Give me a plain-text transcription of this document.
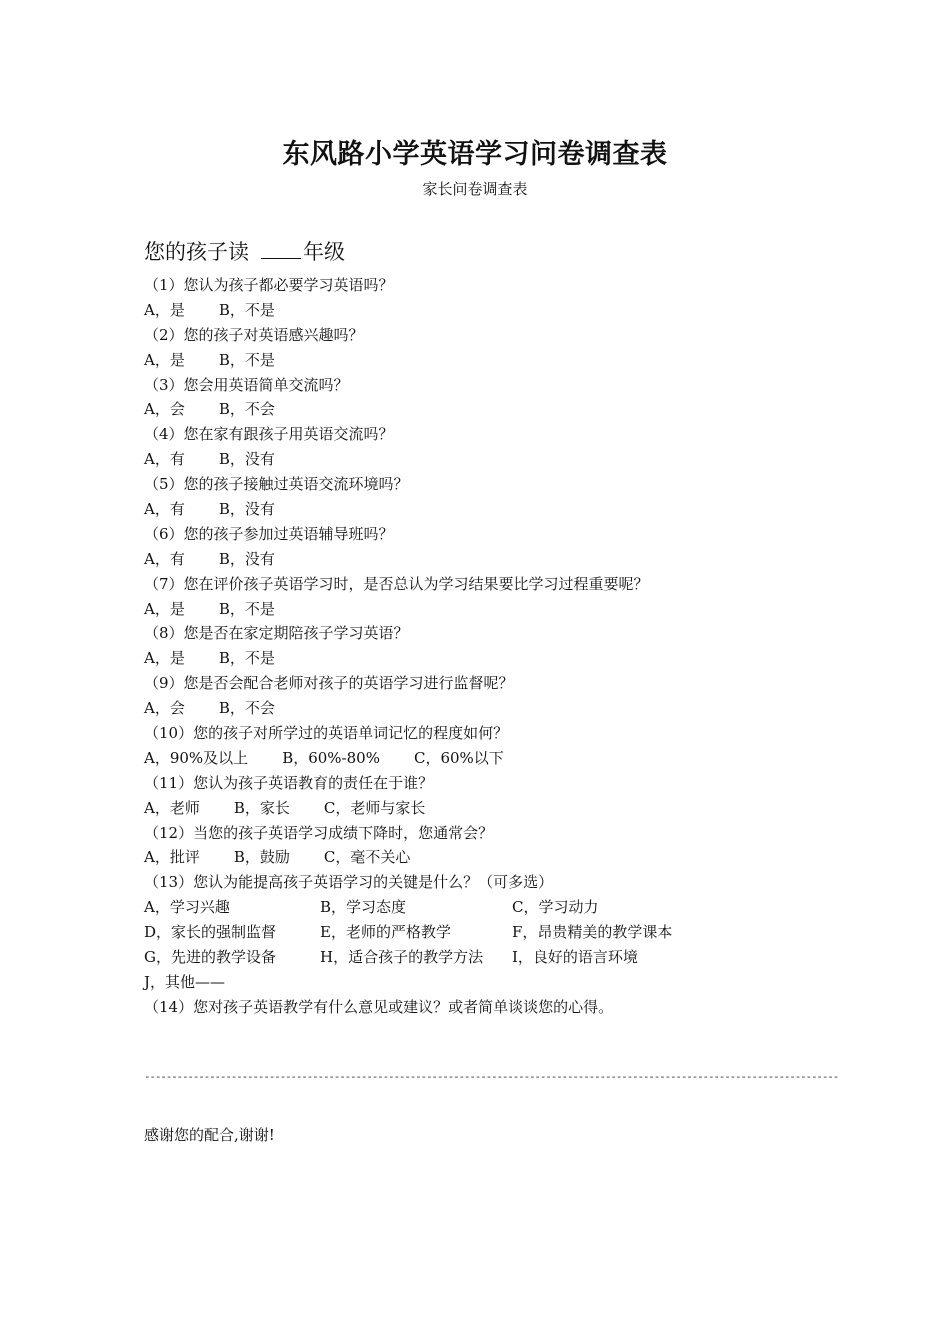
东风路小学英语学习问卷调查表
家长问卷调查表
您的孩子读	年级
（1）您认为孩子都必要学习英语吗？
A，是 B，不是
（2）您的孩子对英语感兴趣吗？
A，是 B，不是
（3）您会用英语简单交流吗？
A，会 B，不会
（4）您在家有跟孩子用英语交流吗？
A，有 B，没有
（5）您的孩子接触过英语交流环境吗？
A，有 B，没有
（6）您的孩子参加过英语辅导班吗？
A，有 B，没有
（7）您在评价孩子英语学习时，是否总认为学习结果要比学习过程重要呢？
A，是 B，不是
（8）您是否在家定期陪孩子学习英语？
A，是 B，不是
（9）您是否会配合老师对孩子的英语学习进行监督呢？
A，会 B，不会
（10）您的孩子对所学过的英语单词记忆的程度如何？
A，90%及以上 B，60%-80% C，60%以下
（11）您认为孩子英语教育的责任在于谁？
A，老师 B，家长 C，老师与家长
（12）当您的孩子英语学习成绩下降时，您通常会？
A，批评 B，鼓励 C，毫不关心
（13）您认为能提高孩子英语学习的关键是什么？（可多选）
A，学习兴趣	B，学习态度	C，学习动力
D，家长的强制监督	E，老师的严格教学	F，昂贵精美的教学课本
G，先进的教学设备	H，适合孩子的教学方法 I，良好的语言环境
J，其他——
（14）您对孩子英语教学有什么意见或建议？或者简单谈谈您的心得。
--------------------------------------------------------------------------------------------------------------------------------
感谢您的配合,谢谢!
